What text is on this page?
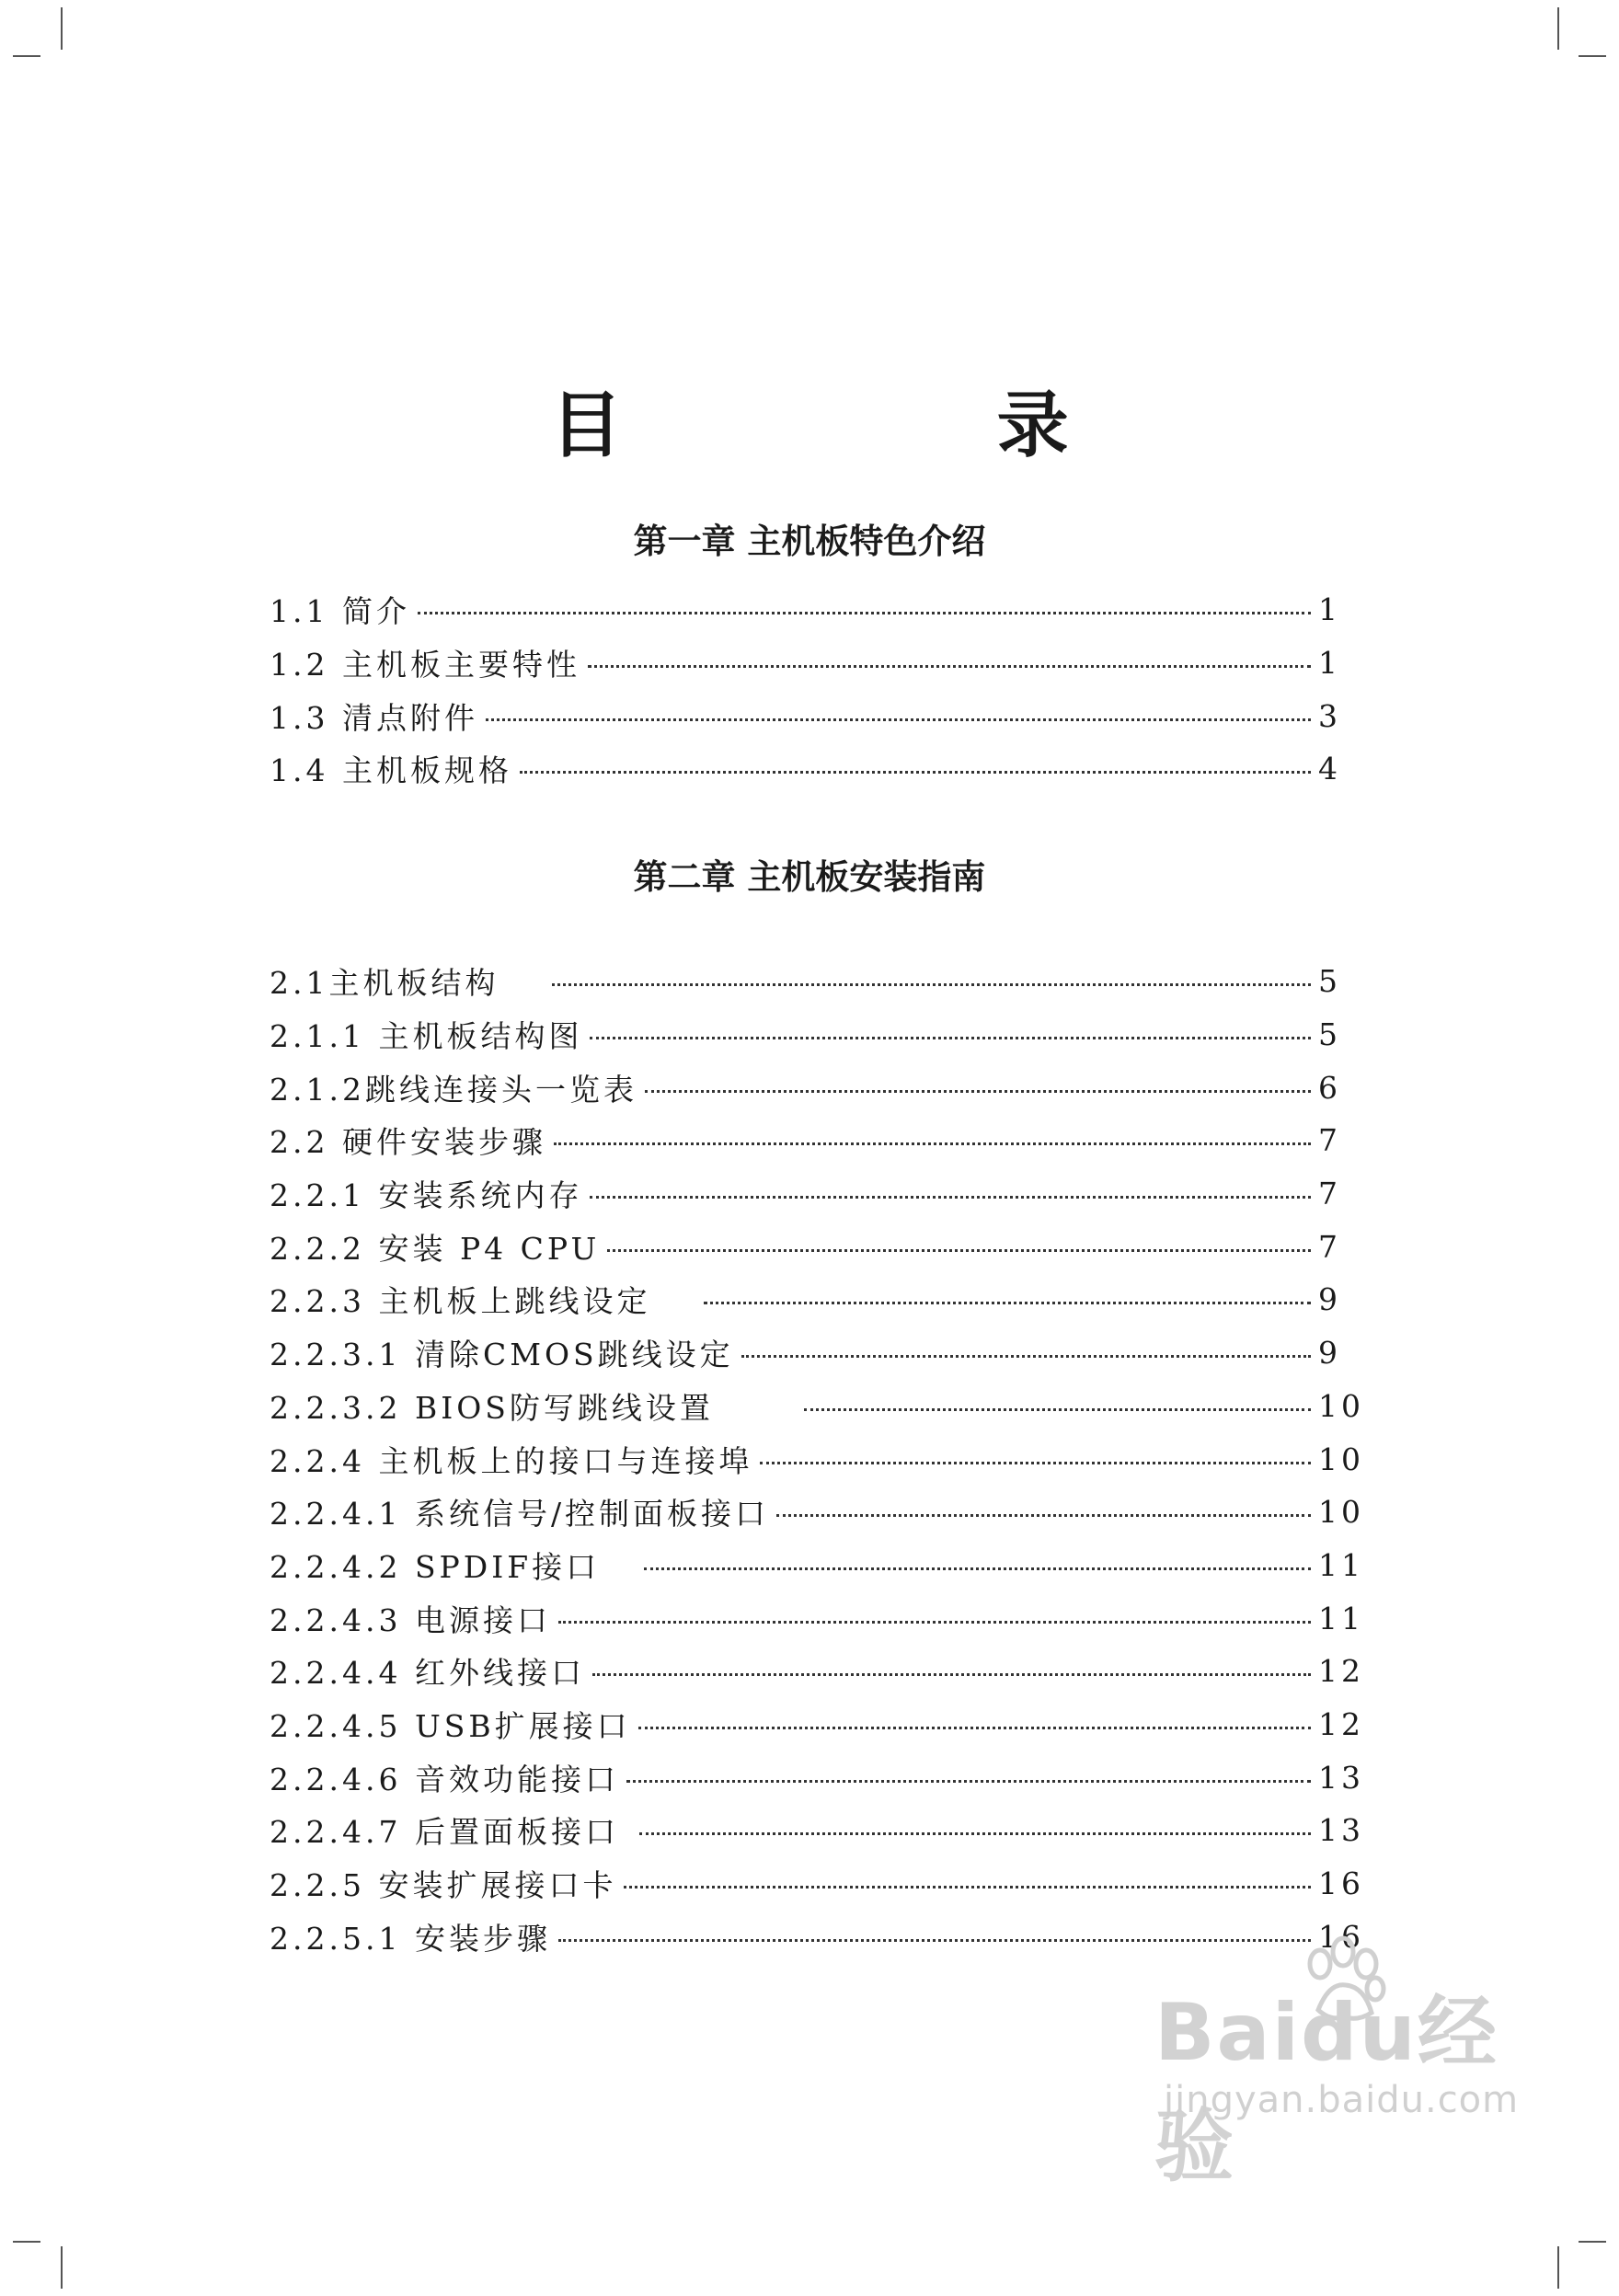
目 录
第一章 主机板特色介绍
1.1 简介	1
1.2 主机板主要特性	1
1.3 清点附件	3
1.4 主机板规格	4
第二章 主机板安装指南
2.1主机板结构	5
2.1.1 主机板结构图	5
2.1.2跳线连接头一览表	6
2.2 硬件安装步骤	7
2.2.1 安装系统内存	7
2.2.2 安装 P4 CPU	7
2.2.3 主机板上跳线设定	9
2.2.3.1 清除CMOS跳线设定	9
2.2.3.2 BIOS防写跳线设置	10
2.2.4 主机板上的接口与连接埠	10
2.2.4.1 系统信号/控制面板接口	10
2.2.4.2 SPDIF接口	11
2.2.4.3 电源接口	11
2.2.4.4 红外线接口	12
2.2.4.5 USB扩展接口	12
2.2.4.6 音效功能接口	13
2.2.4.7 后置面板接口	13
2.2.5 安装扩展接口卡	16
2.2.5.1 安装步骤	16
Baidu经验
jingyan.baidu.com
